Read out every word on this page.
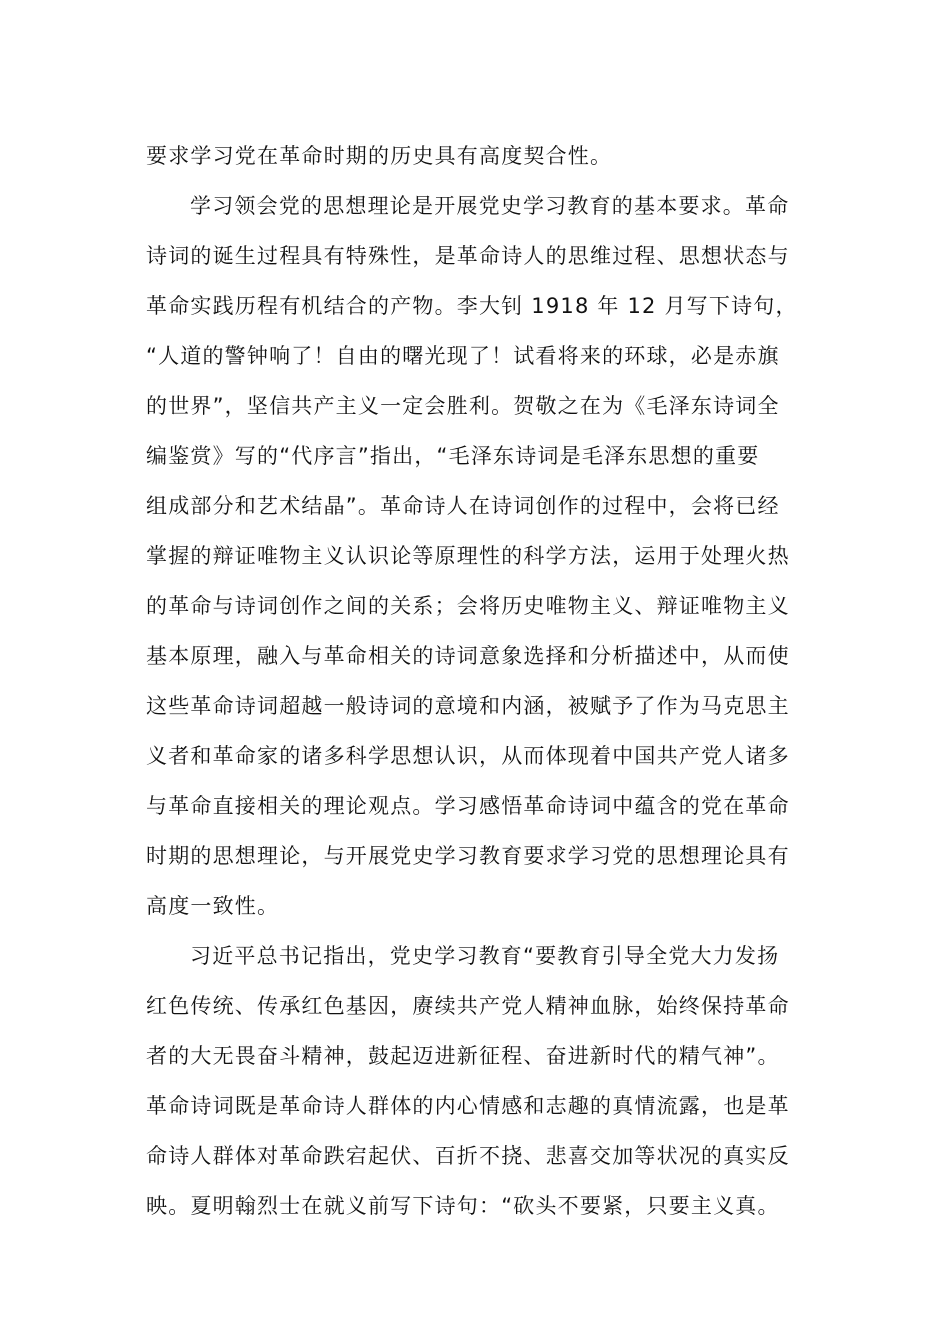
要求学习党在革命时期的历史具有高度契合性。
学习领会党的思想理论是开展党史学习教育的基本要求。革命
诗词的诞生过程具有特殊性，是革命诗人的思维过程、思想状态与
革命实践历程有机结合的产物。李大钊 1918 年 12 月写下诗句，
“人道的警钟响了！自由的曙光现了！试看将来的环球，必是赤旗
的世界”，坚信共产主义一定会胜利。贺敬之在为《毛泽东诗词全
编鉴赏》写的“代序言”指出，“毛泽东诗词是毛泽东思想的重要
组成部分和艺术结晶”。革命诗人在诗词创作的过程中，会将已经
掌握的辩证唯物主义认识论等原理性的科学方法，运用于处理火热
的革命与诗词创作之间的关系；会将历史唯物主义、辩证唯物主义
基本原理，融入与革命相关的诗词意象选择和分析描述中，从而使
这些革命诗词超越一般诗词的意境和内涵，被赋予了作为马克思主
义者和革命家的诸多科学思想认识，从而体现着中国共产党人诸多
与革命直接相关的理论观点。学习感悟革命诗词中蕴含的党在革命
时期的思想理论，与开展党史学习教育要求学习党的思想理论具有
高度一致性。
习近平总书记指出，党史学习教育“要教育引导全党大力发扬
红色传统、传承红色基因，赓续共产党人精神血脉，始终保持革命
者的大无畏奋斗精神，鼓起迈进新征程、奋进新时代的精气神”。
革命诗词既是革命诗人群体的内心情感和志趣的真情流露，也是革
命诗人群体对革命跌宕起伏、百折不挠、悲喜交加等状况的真实反
映。夏明翰烈士在就义前写下诗句：“砍头不要紧，只要主义真。
